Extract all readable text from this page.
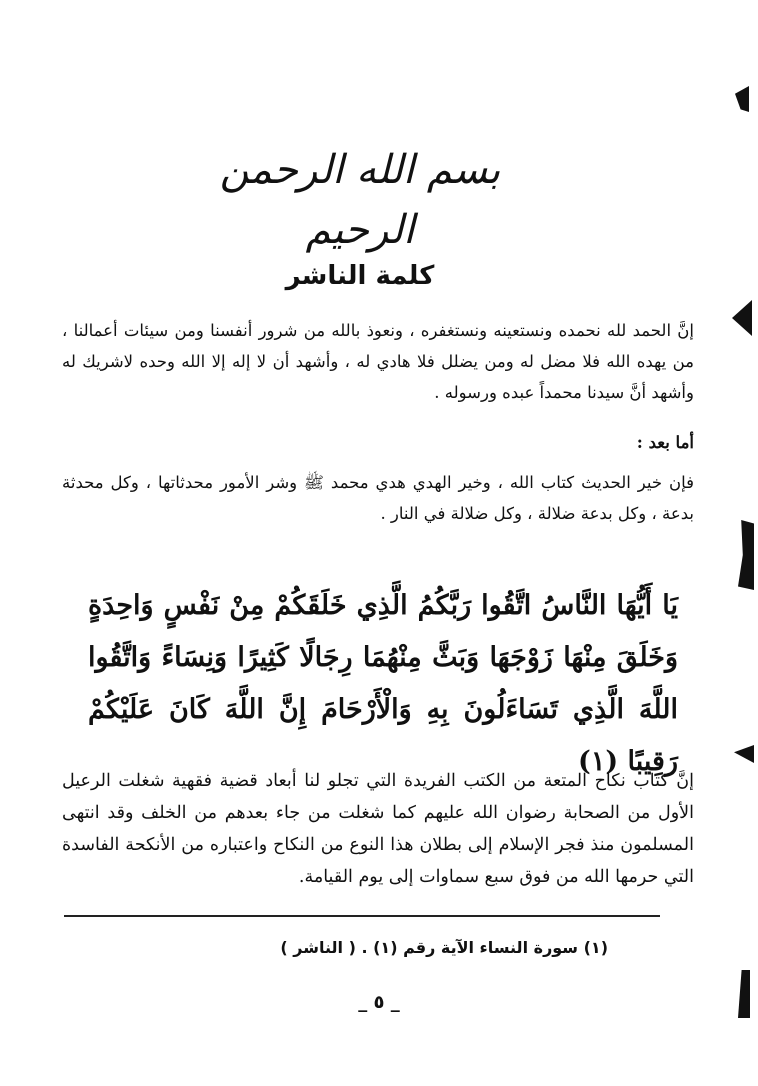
بسم الله الرحمن الرحيم
كلمة الناشر

إنَّ الحمد لله نحمده ونستعينه ونستغفره ، ونعوذ بالله من شرور أنفسنا ومن سيئات أعمالنا ، من يهده الله فلا مضل له ومن يضلل فلا هادي له ، وأشهد أن لا إله إلا الله وحده لاشريك له وأشهد أنَّ سيدنا محمداً عبده ورسوله .

أما بعد :

فإن خير الحديث كتاب الله ، وخير الهدي هدي محمد ﷺ وشر الأمور محدثاتها ، وكل محدثة بدعة ، وكل بدعة ضلالة ، وكل ضلالة في النار .

يَا أَيُّهَا النَّاسُ اتَّقُوا رَبَّكُمُ الَّذِي خَلَقَكُمْ مِنْ نَفْسٍ وَاحِدَةٍ وَخَلَقَ مِنْهَا زَوْجَهَا وَبَثَّ مِنْهُمَا رِجَالًا كَثِيرًا وَنِسَاءً وَاتَّقُوا اللَّهَ الَّذِي تَسَاءَلُونَ بِهِ وَالْأَرْحَامَ إِنَّ اللَّهَ كَانَ عَلَيْكُمْ رَقِيبًا (١)

إنَّ كتاب نكاح المتعة من الكتب الفريدة التي تجلو لنا أبعاد قضية فقهية شغلت الرعيل الأول من الصحابة رضوان الله عليهم كما شغلت من جاء بعدهم من الخلف وقد انتهى المسلمون منذ فجر الإسلام إلى بطلان هذا النوع من النكاح واعتباره من الأنكحة الفاسدة التي حرمها الله من فوق سبع سماوات إلى يوم القيامة.

(١) سورة النساء الآية رقم (١) . ( الناشر )
_ ٥ _
